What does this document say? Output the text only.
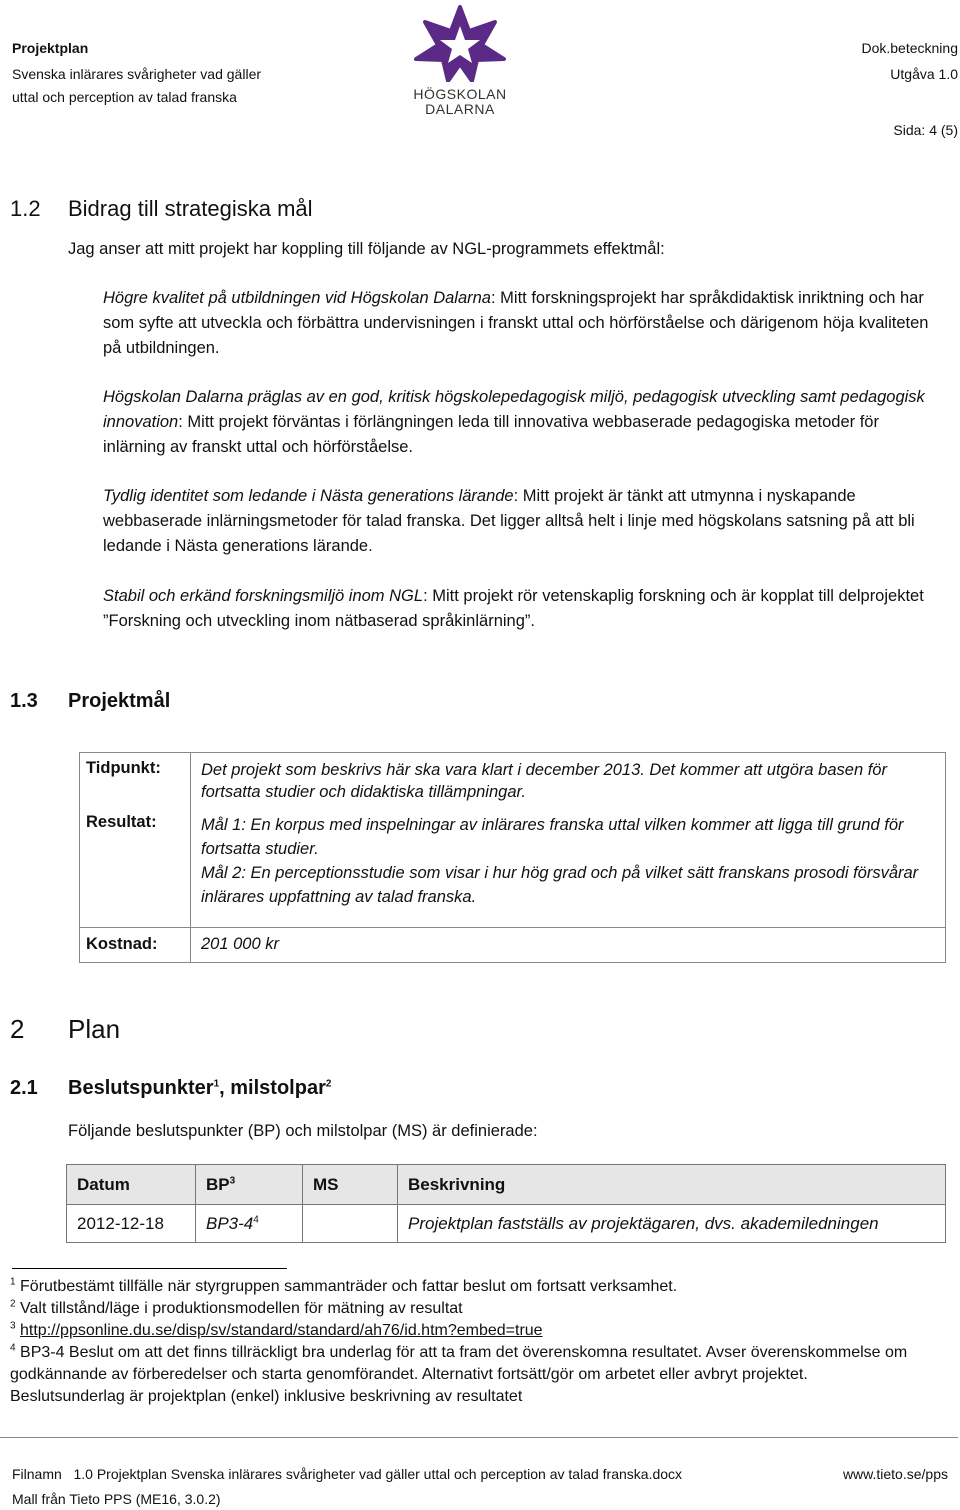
Projektplan
Svenska inlärares svårigheter vad gäller
uttal och perception av talad franska	HÖGSKOLAN
DALARNA
Dok.beteckning
Utgåva 1.0
Sida: 4 (5)
1.2 Bidrag till strategiska mål
Jag anser att mitt projekt har koppling till följande av NGL-programmets effektmål:
Högre kvalitet på utbildningen vid Högskolan Dalarna: Mitt forskningsprojekt har språkdidaktisk inriktning och har som syfte att utveckla och förbättra undervisningen i franskt uttal och hörförståelse och därigenom höja kvaliteten på utbildningen.
Högskolan Dalarna präglas av en god, kritisk högskolepedagogisk miljö, pedagogisk utveckling samt pedagogisk innovation: Mitt projekt förväntas i förlängningen leda till innovativa webbaserade pedagogiska metoder för inlärning av franskt uttal och hörförståelse.
Tydlig identitet som ledande i Nästa generations lärande: Mitt projekt är tänkt att utmynna i nyskapande webbaserade inlärningsmetoder för talad franska. Det ligger alltså helt i linje med högskolans satsning på att bli ledande i Nästa generations lärande.
Stabil och erkänd forskningsmiljö inom NGL: Mitt projekt rör vetenskaplig forskning och är kopplat till delprojektet ”Forskning och utveckling inom nätbaserad språkinlärning”.
1.3 Projektmål
Tidpunkt:	Det projekt som beskrivs här ska vara klart i december 2013. Det kommer att utgöra basen för fortsatta studier och didaktiska tillämpningar.

Resultat:	Mål 1: En korpus med inspelningar av inlärares franska uttal vilken kommer att ligga till grund för fortsatta studier.
Mål 2: En perceptionsstudie som visar i hur hög grad och på vilket sätt franskans prosodi försvårar inlärares uppfattning av talad franska.

Kostnad:	201 000 kr
2 Plan
2.1 Beslutspunkter$^1$, milstolpar$^2$
Följande beslutspunkter (BP) och milstolpar (MS) är definierade:
Datum	$BP^3$	MS	Beskrivning
2012-12-18	$BP3-4^4$		Projektplan fastställs av projektägaren, dvs. akademiledningen
$^1$ Förutbestämt tillfälle när styrgruppen sammanträder och fattar beslut om fortsatt verksamhet.
$^2$ Valt tillstånd/läge i produktionsmodellen för mätning av resultat
$^3$ http://ppsonline.du.se/disp/sv/standard/standard/ah76/id.htm?embed=true
$^4$ BP3-4 Beslut om att det finns tillräckligt bra underlag för att ta fram det överenskomna resultatet. Avser överenskommelse om godkännande av förberedelser och starta genomförandet. Alternativt fortsätt/gör om arbetet eller avbryt projektet. Beslutsunderlag är projektplan (enkel) inklusive beskrivning av resultatet
Filnamn 1.0 Projektplan Svenska inlärares svårigheter vad gäller uttal och perception av talad franska.docx	www.tieto.se/pps
Mall från Tieto PPS (ME16, 3.0.2)
